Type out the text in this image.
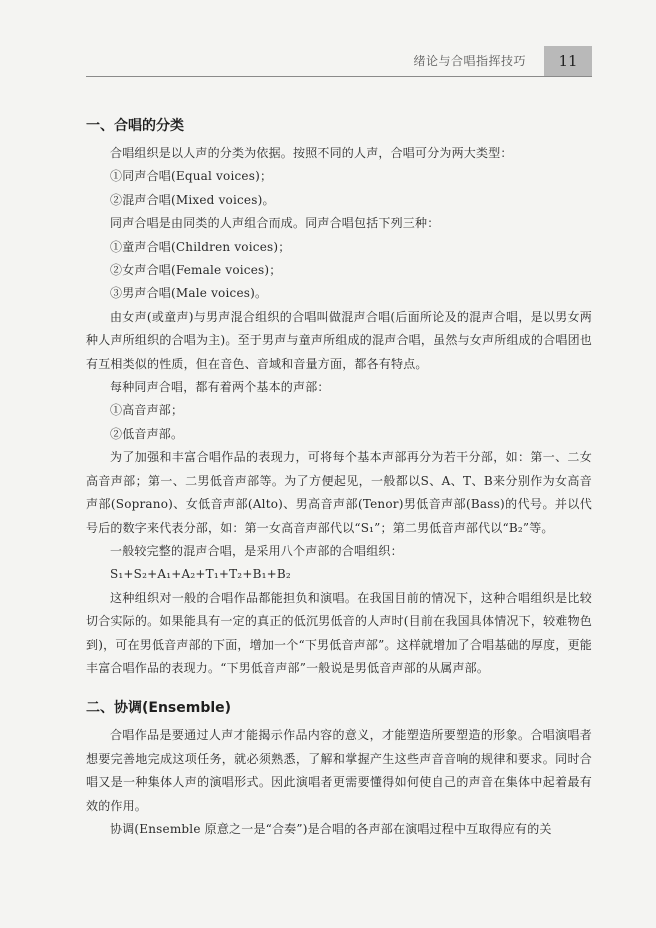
绪论与合唱指挥技巧	11
一、合唱的分类

合唱组织是以人声的分类为依据。按照不同的人声，合唱可分为两大类型：

①同声合唱(Equal voices)；

②混声合唱(Mixed voices)。

同声合唱是由同类的人声组合而成。同声合唱包括下列三种：

①童声合唱(Children voices)；

②女声合唱(Female voices)；

③男声合唱(Male voices)。

由女声(或童声)与男声混合组织的合唱叫做混声合唱(后面所论及的混声合唱，是以男女两种人声所组织的合唱为主)。至于男声与童声所组成的混声合唱，虽然与女声所组成的合唱团也有互相类似的性质，但在音色、音域和音量方面，都各有特点。

每种同声合唱，都有着两个基本的声部：

①高音声部；

②低音声部。

为了加强和丰富合唱作品的表现力，可将每个基本声部再分为若干分部，如：第一、二女高音声部；第一、二男低音声部等。为了方便起见，一般都以S、A、T、B来分别作为女高音声部(Soprano)、女低音声部(Alto)、男高音声部(Tenor)男低音声部(Bass)的代号。并以代号后的数字来代表分部，如：第一女高音声部代以“S₁”；第二男低音声部代以“B₂”等。

一般较完整的混声合唱，是采用八个声部的合唱组织：

S₁+S₂+A₁+A₂+T₁+T₂+B₁+B₂

这种组织对一般的合唱作品都能担负和演唱。在我国目前的情况下，这种合唱组织是比较切合实际的。如果能具有一定的真正的低沉男低音的人声时(目前在我国具体情况下，较难物色到)，可在男低音声部的下面，增加一个“下男低音声部”。这样就增加了合唱基础的厚度，更能丰富合唱作品的表现力。“下男低音声部”一般说是男低音声部的从属声部。

二、协调(Ensemble)

合唱作品是要通过人声才能揭示作品内容的意义，才能塑造所要塑造的形象。合唱演唱者想要完善地完成这项任务，就必须熟悉，了解和掌握产生这些声音音响的规律和要求。同时合唱又是一种集体人声的演唱形式。因此演唱者更需要懂得如何使自己的声音在集体中起着最有效的作用。

协调(Ensemble 原意之一是“合奏”)是合唱的各声部在演唱过程中互取得应有的关
